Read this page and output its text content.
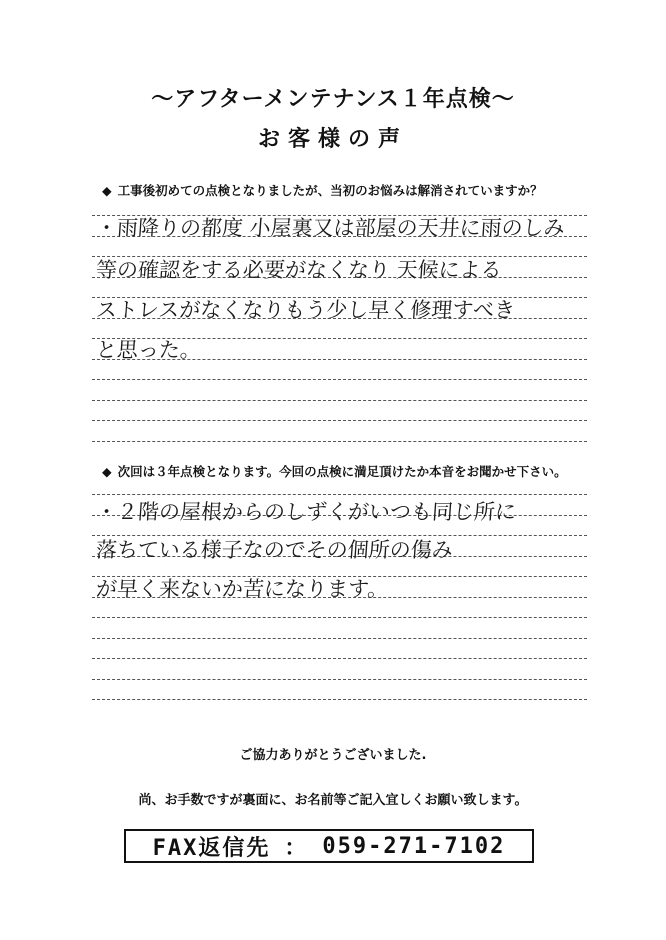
～アフターメンテナンス１年点検～
お客様の声
◆ 工事後初めての点検となりましたが、当初のお悩みは解消されていますか？
・雨降りの都度 小屋裏又は部屋の天井に雨のしみ
等の確認をする必要がなくなり 天候による
ストレスがなくなりもう少し早く修理すべき
と思った。
◆ 次回は３年点検となります。今回の点検に満足頂けたか本音をお聞かせ下さい。
・２階の屋根からのしずくがいつも同じ所に
落ちている様子なのでその個所の傷み
が早く来ないか苦になります。
ご協力ありがとうございました.
尚、お手数ですが裏面に、お名前等ご記入宜しくお願い致します。
FAX返信先 ： 059-271-7102
